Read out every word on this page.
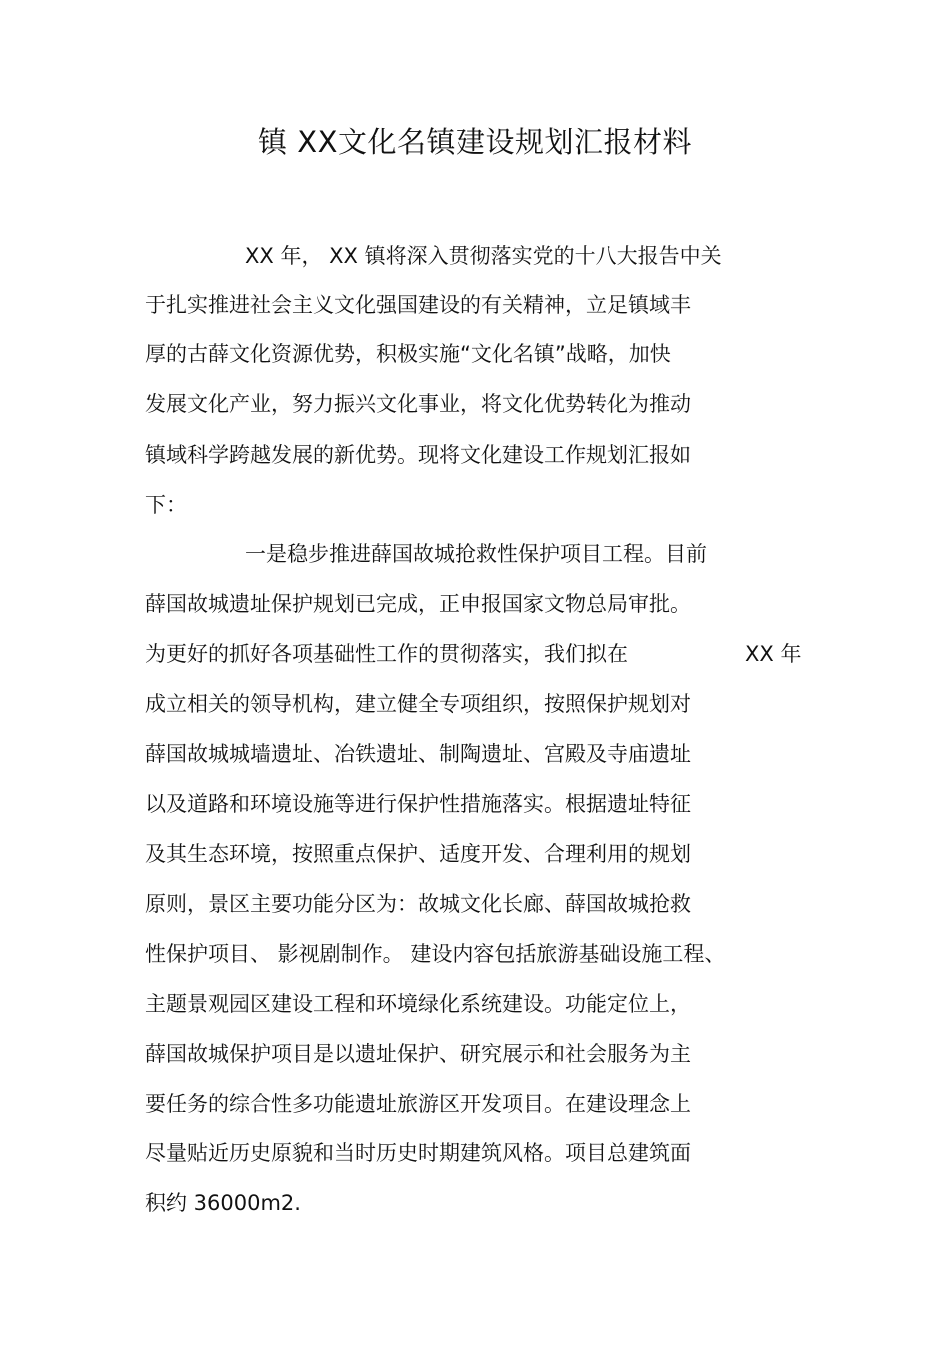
镇 XX文化名镇建设规划汇报材料
XX 年， XX 镇将深入贯彻落实党的十八大报告中关
于扎实推进社会主义文化强国建设的有关精神，立足镇域丰
厚的古薛文化资源优势，积极实施“文化名镇”战略，加快
发展文化产业，努力振兴文化事业，将文化优势转化为推动
镇域科学跨越发展的新优势。现将文化建设工作规划汇报如
下：
一是稳步推进薛国故城抢救性保护项目工程。目前
薛国故城遗址保护规划已完成，正申报国家文物总局审批。
为更好的抓好各项基础性工作的贯彻落实，我们拟在	XX 年
成立相关的领导机构，建立健全专项组织，按照保护规划对
薛国故城城墙遗址、冶铁遗址、制陶遗址、宫殿及寺庙遗址
以及道路和环境设施等进行保护性措施落实。根据遗址特征
及其生态环境，按照重点保护、适度开发、合理利用的规划
原则，景区主要功能分区为：故城文化长廊、薛国故城抢救
性保护项目、 影视剧制作。 建设内容包括旅游基础设施工程、
主题景观园区建设工程和环境绿化系统建设。功能定位上，
薛国故城保护项目是以遗址保护、研究展示和社会服务为主
要任务的综合性多功能遗址旅游区开发项目。在建设理念上
尽量贴近历史原貌和当时历史时期建筑风格。项目总建筑面
积约 36000m2.
